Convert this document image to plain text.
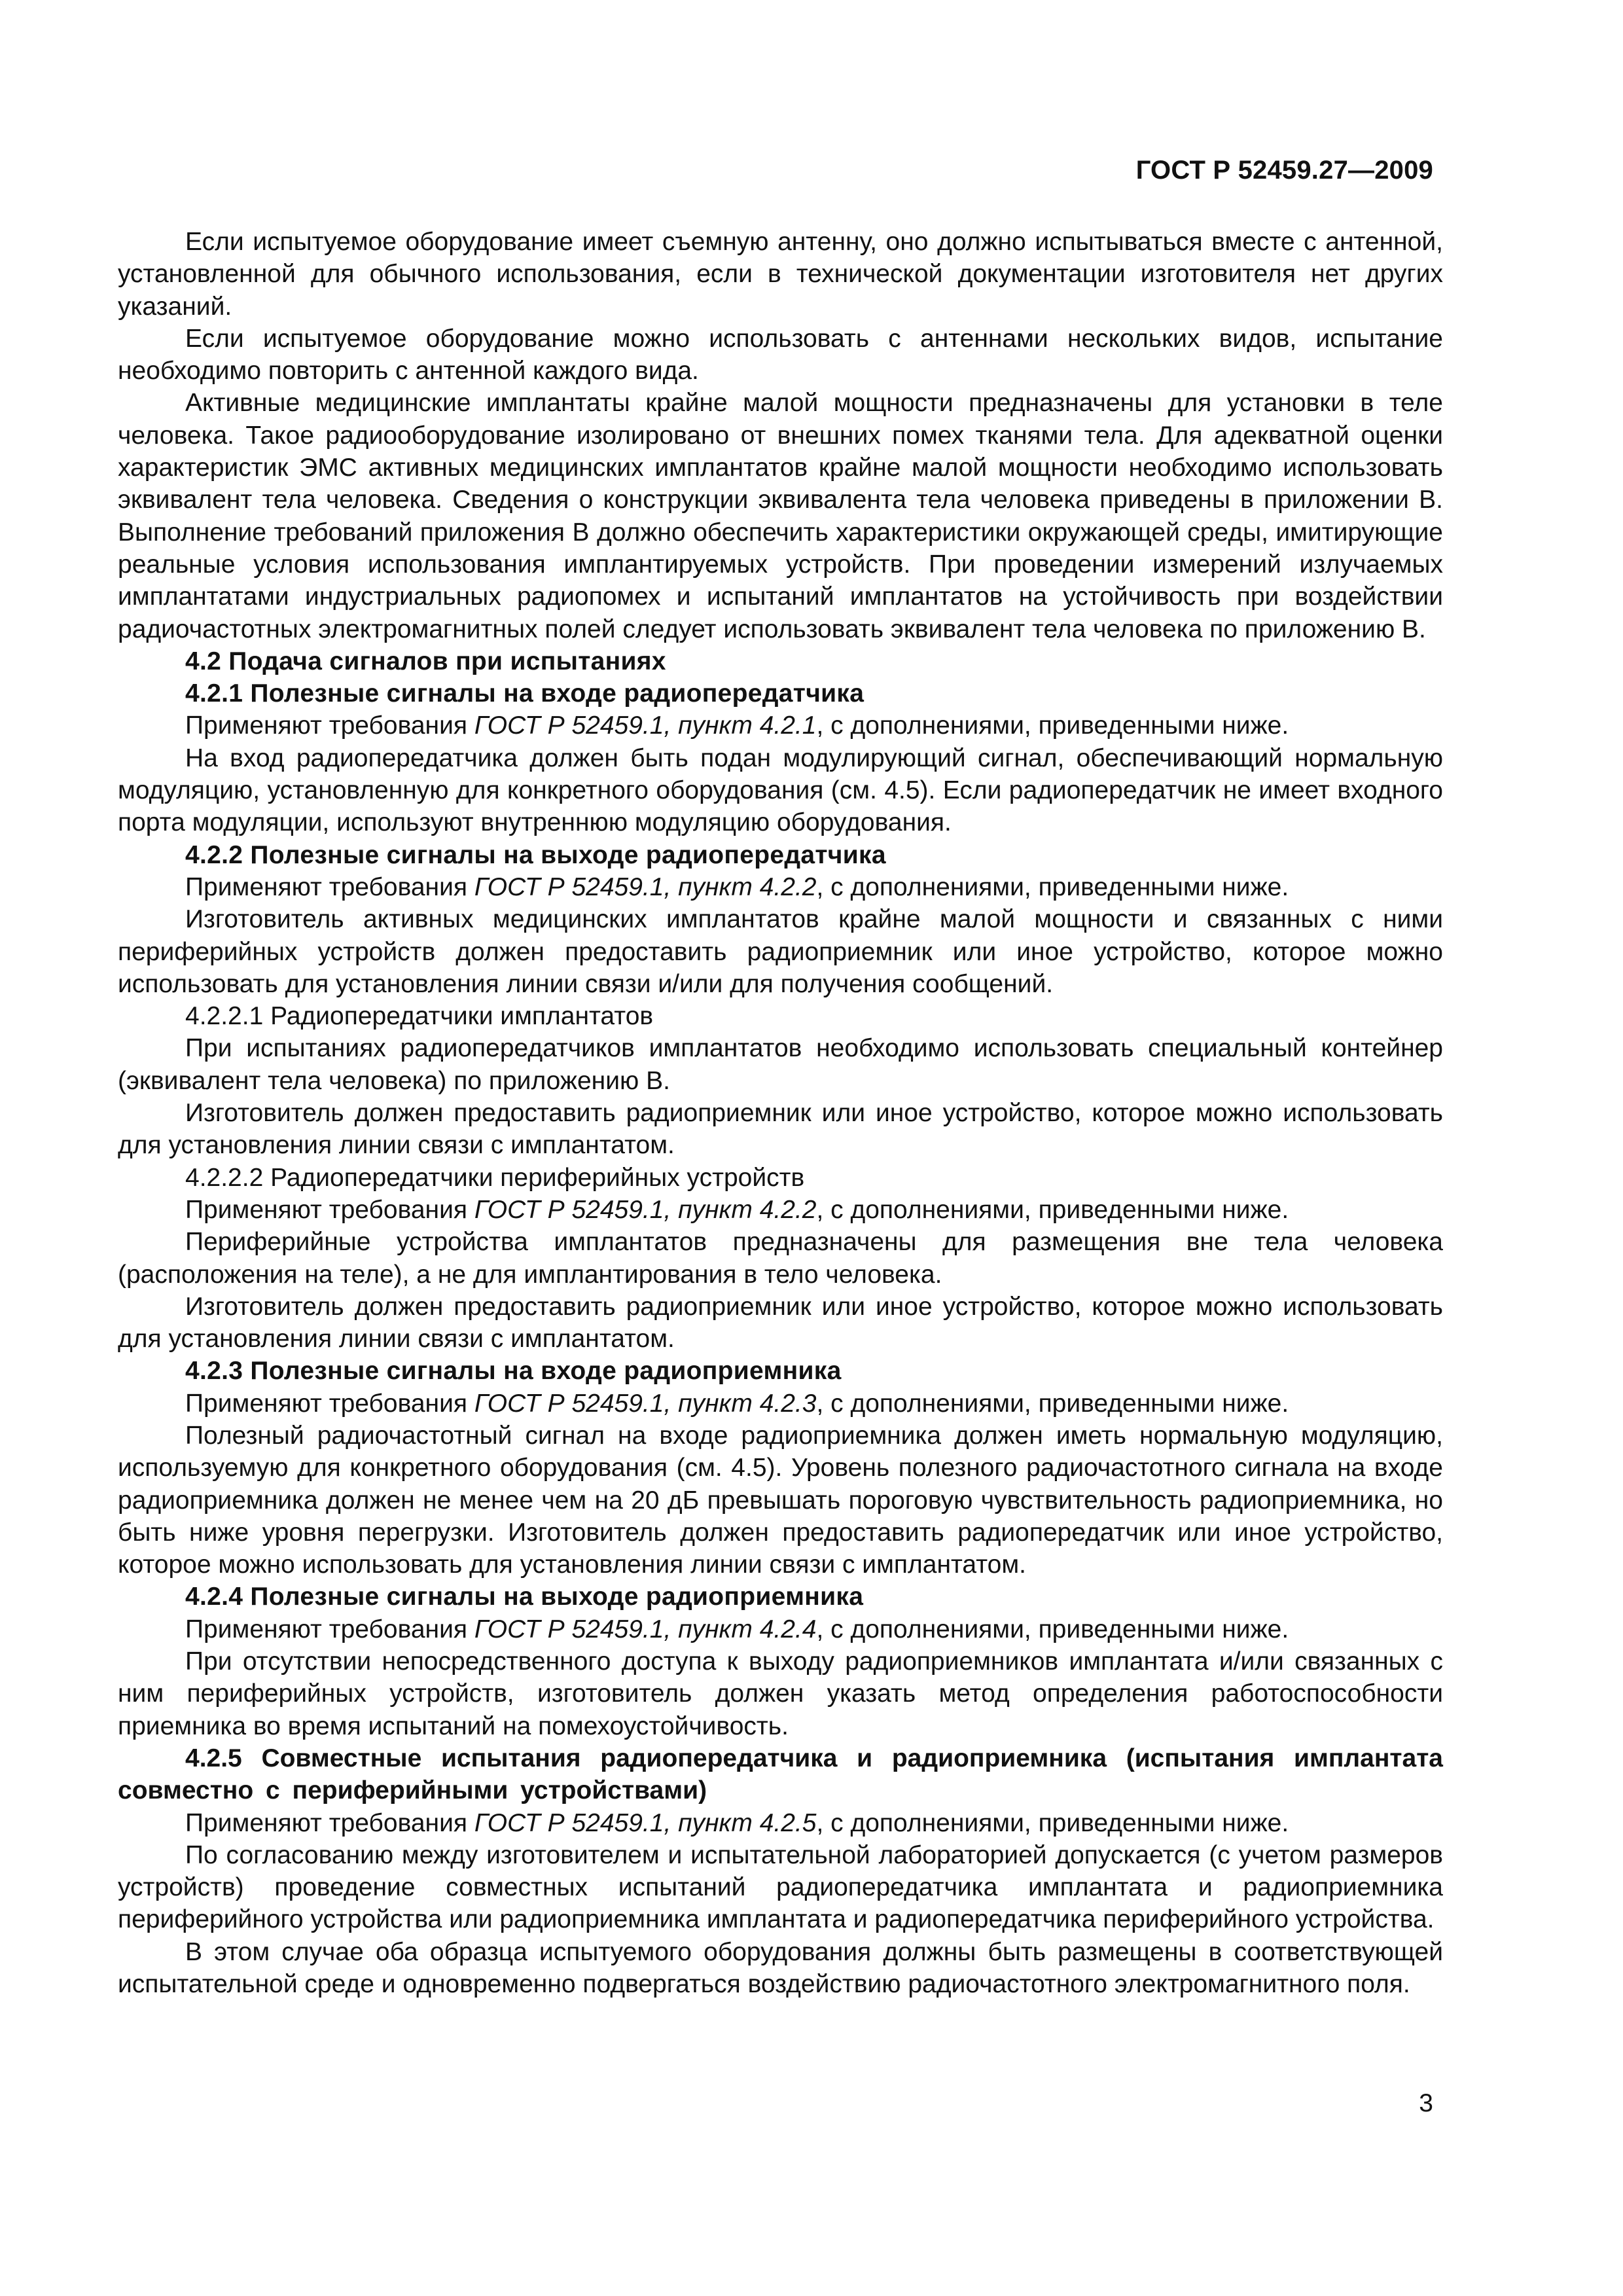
ГОСТ Р 52459.27—2009

Если испытуемое оборудование имеет съемную антенну, оно должно испытываться вместе с антенной, установленной для обычного использования, если в технической документации изготовителя нет других указаний.

Если испытуемое оборудование можно использовать с антеннами нескольких видов, испытание необходимо повторить с антенной каждого вида.

Активные медицинские имплантаты крайне малой мощности предназначены для установки в теле человека. Такое радиооборудование изолировано от внешних помех тканями тела. Для адекватной оценки характеристик ЭМС активных медицинских имплантатов крайне малой мощности необходимо использовать эквивалент тела человека. Сведения о конструкции эквивалента тела человека приведены в приложении В. Выполнение требований приложения В должно обеспечить характеристики окружающей среды, имитирующие реальные условия использования имплантируемых устройств. При проведении измерений излучаемых имплантатами индустриальных радиопомех и испытаний имплантатов на устойчивость при воздействии радиочастотных электромагнитных полей следует использовать эквивалент тела человека по приложению В.

4.2 Подача сигналов при испытаниях

4.2.1 Полезные сигналы на входе радиопередатчика

Применяют требования ГОСТ Р 52459.1, пункт 4.2.1, с дополнениями, приведенными ниже.

На вход радиопередатчика должен быть подан модулирующий сигнал, обеспечивающий нормальную модуляцию, установленную для конкретного оборудования (см. 4.5). Если радиопередатчик не имеет входного порта модуляции, используют внутреннюю модуляцию оборудования.

4.2.2 Полезные сигналы на выходе радиопередатчика

Применяют требования ГОСТ Р 52459.1, пункт 4.2.2, с дополнениями, приведенными ниже.

Изготовитель активных медицинских имплантатов крайне малой мощности и связанных с ними периферийных устройств должен предоставить радиоприемник или иное устройство, которое можно использовать для установления линии связи и/или для получения сообщений.

4.2.2.1 Радиопередатчики имплантатов

При испытаниях радиопередатчиков имплантатов необходимо использовать специальный контейнер (эквивалент тела человека) по приложению В.

Изготовитель должен предоставить радиоприемник или иное устройство, которое можно использовать для установления линии связи с имплантатом.

4.2.2.2 Радиопередатчики периферийных устройств

Применяют требования ГОСТ Р 52459.1, пункт 4.2.2, с дополнениями, приведенными ниже.

Периферийные устройства имплантатов предназначены для размещения вне тела человека (расположения на теле), а не для имплантирования в тело человека.

Изготовитель должен предоставить радиоприемник или иное устройство, которое можно использовать для установления линии связи с имплантатом.

4.2.3 Полезные сигналы на входе радиоприемника

Применяют требования ГОСТ Р 52459.1, пункт 4.2.3, с дополнениями, приведенными ниже.

Полезный радиочастотный сигнал на входе радиоприемника должен иметь нормальную модуляцию, используемую для конкретного оборудования (см. 4.5). Уровень полезного радиочастотного сигнала на входе радиоприемника должен не менее чем на 20 дБ превышать пороговую чувствительность радиоприемника, но быть ниже уровня перегрузки. Изготовитель должен предоставить радиопередатчик или иное устройство, которое можно использовать для установления линии связи с имплантатом.

4.2.4 Полезные сигналы на выходе радиоприемника

Применяют требования ГОСТ Р 52459.1, пункт 4.2.4, с дополнениями, приведенными ниже.

При отсутствии непосредственного доступа к выходу радиоприемников имплантата и/или связанных с ним периферийных устройств, изготовитель должен указать метод определения работоспособности приемника во время испытаний на помехоустойчивость.

4.2.5 Совместные испытания радиопередатчика и радиоприемника (испытания имплантата совместно с периферийными устройствами)

Применяют требования ГОСТ Р 52459.1, пункт 4.2.5, с дополнениями, приведенными ниже.

По согласованию между изготовителем и испытательной лабораторией допускается (с учетом размеров устройств) проведение совместных испытаний радиопередатчика имплантата и радиоприемника периферийного устройства или радиоприемника имплантата и радиопередатчика периферийного устройства.

В этом случае оба образца испытуемого оборудования должны быть размещены в соответствующей испытательной среде и одновременно подвергаться воздействию радиочастотного электромагнитного поля.

3
